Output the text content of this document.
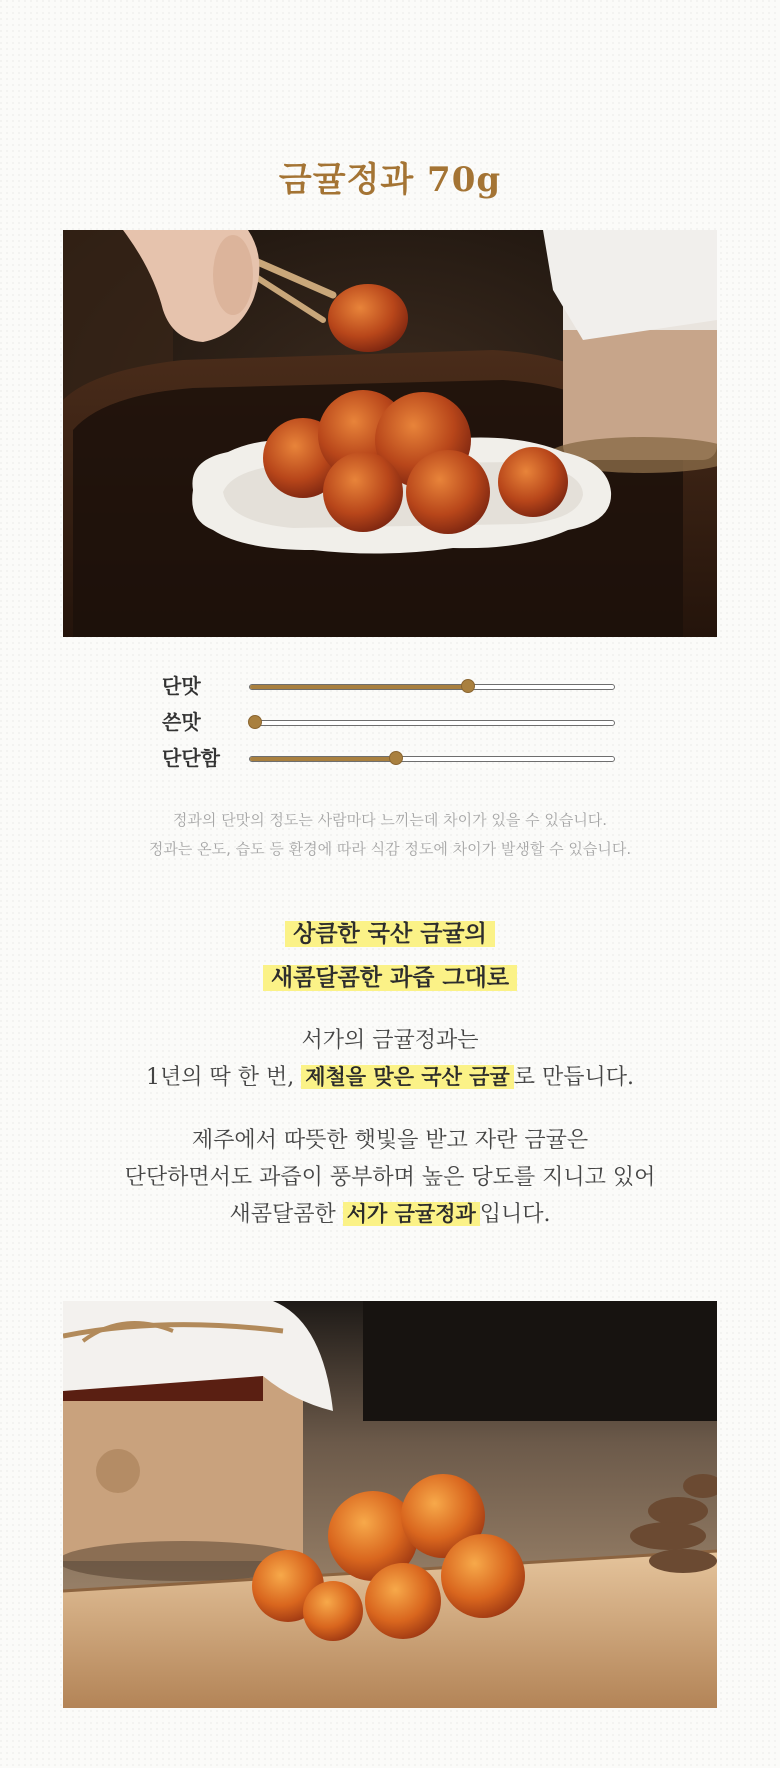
금귤정과 70g
단맛
쓴맛
단단함
정과의 단맛의 정도는 사람마다 느끼는데 차이가 있을 수 있습니다.
정과는 온도, 습도 등 환경에 따라 식감 정도에 차이가 발생할 수 있습니다.
상큼한 국산 금귤의
새콤달콤한 과즙 그대로
서가의 금귤정과는
1년의 딱 한 번, 제철을 맞은 국산 금귤 로 만듭니다.
제주에서 따뜻한 햇빛을 받고 자란 금귤은
단단하면서도 과즙이 풍부하며 높은 당도를 지니고 있어
새콤달콤한 서가 금귤정과 입니다.
